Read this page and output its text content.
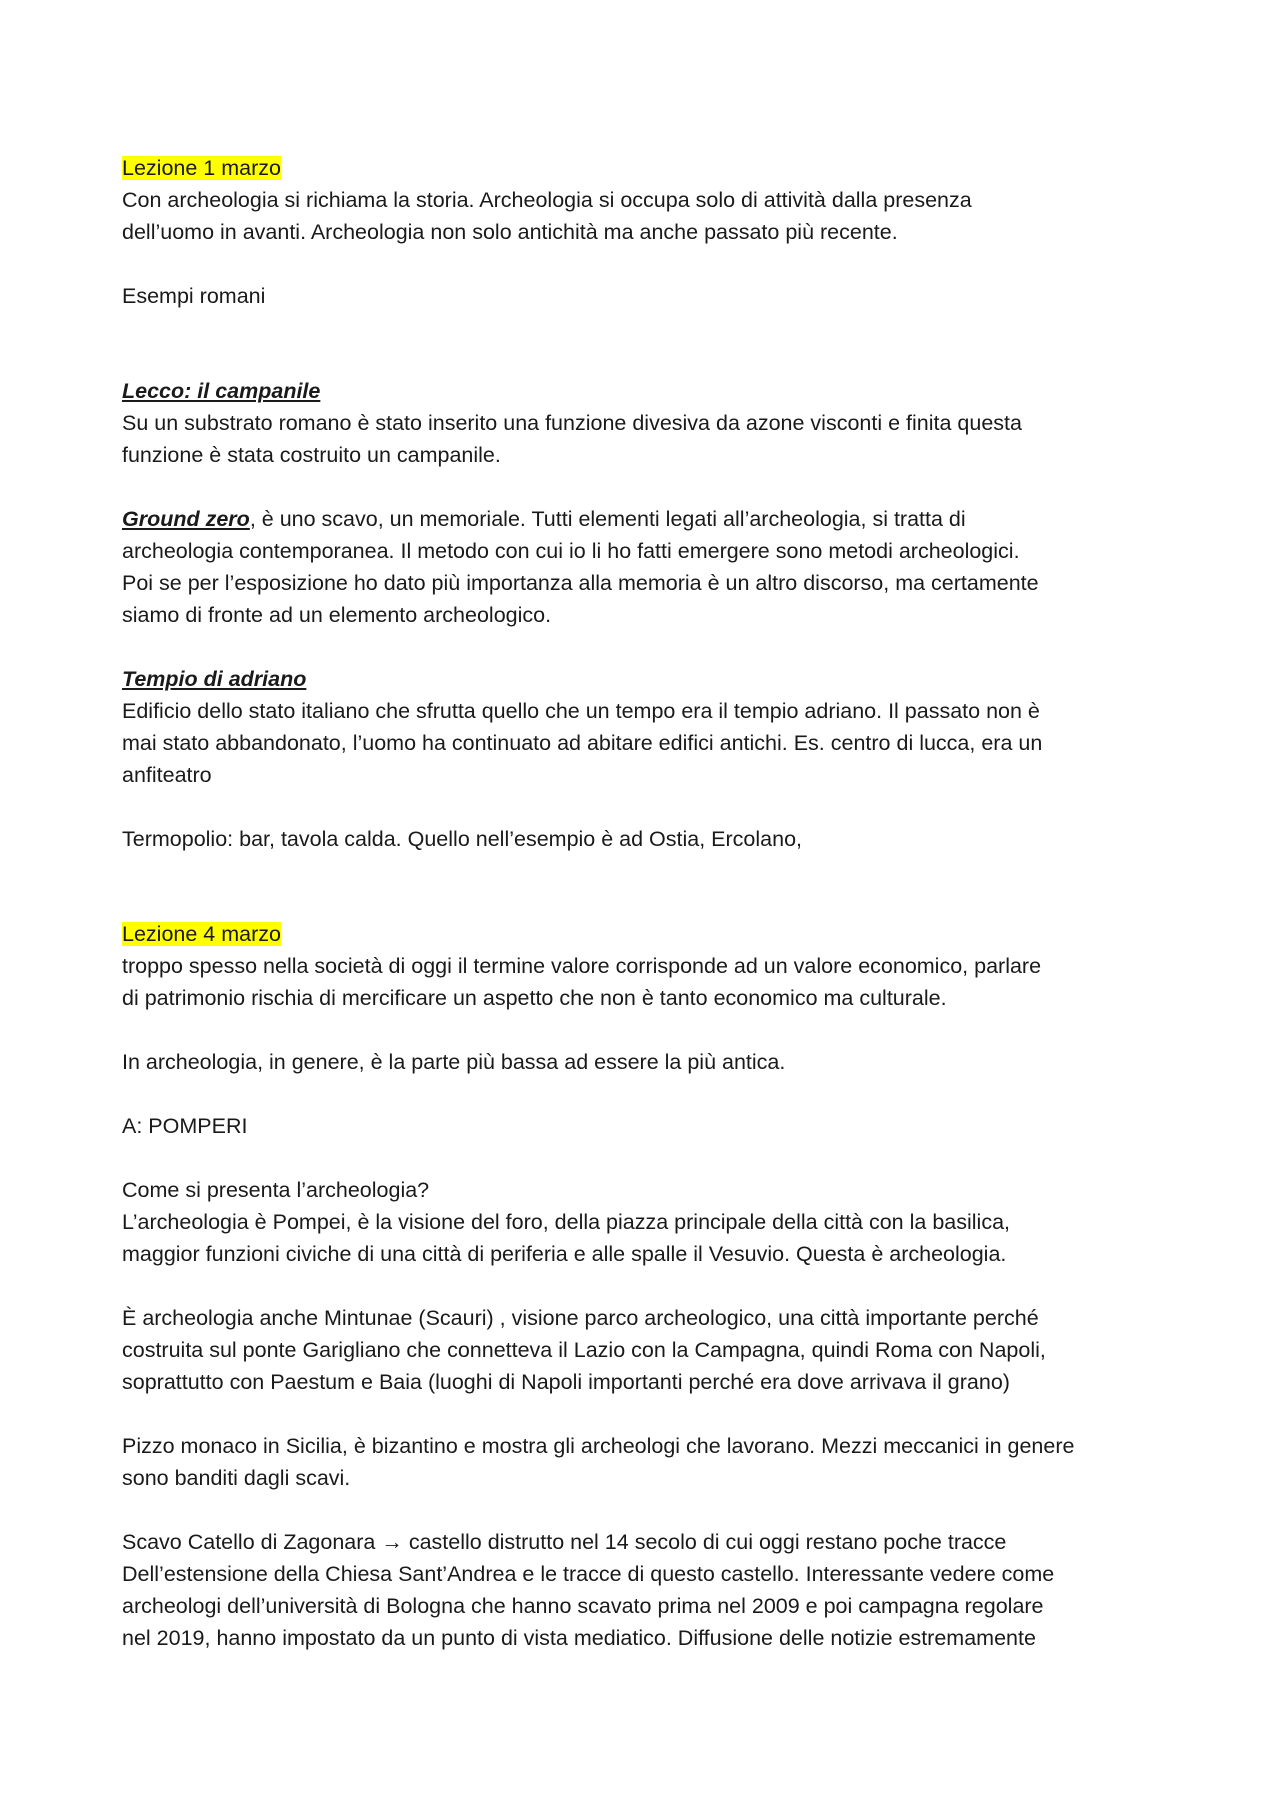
Lezione 1 marzo
Con archeologia si richiama la storia. Archeologia si occupa solo di attività dalla presenza
dell’uomo in avanti. Archeologia non solo antichità ma anche passato più recente.
Esempi romani
Lecco: il campanile
Su un substrato romano è stato inserito una funzione divesiva da azone visconti e finita questa
funzione è stata costruito un campanile.
Ground zero, è uno scavo, un memoriale. Tutti elementi legati all’archeologia, si tratta di
archeologia contemporanea. Il metodo con cui io li ho fatti emergere sono metodi archeologici.
Poi se per l’esposizione ho dato più importanza alla memoria è un altro discorso, ma certamente
siamo di fronte ad un elemento archeologico.
Tempio di adriano
Edificio dello stato italiano che sfrutta quello che un tempo era il tempio adriano. Il passato non è
mai stato abbandonato, l’uomo ha continuato ad abitare edifici antichi. Es. centro di lucca, era un
anfiteatro
Termopolio: bar, tavola calda. Quello nell’esempio è ad Ostia, Ercolano,
Lezione 4 marzo
troppo spesso nella società di oggi il termine valore corrisponde ad un valore economico, parlare
di patrimonio rischia di mercificare un aspetto che non è tanto economico ma culturale.
In archeologia, in genere, è la parte più bassa ad essere la più antica.
A: POMPERI
Come si presenta l’archeologia?
L’archeologia è Pompei, è la visione del foro, della piazza principale della città con la basilica,
maggior funzioni civiche di una città di periferia e alle spalle il Vesuvio. Questa è archeologia.
È archeologia anche Mintunae (Scauri) , visione parco archeologico, una città importante perché
costruita sul ponte Garigliano che connetteva il Lazio con la Campagna, quindi Roma con Napoli,
soprattutto con Paestum e Baia (luoghi di Napoli importanti perché era dove arrivava il grano)
Pizzo monaco in Sicilia, è bizantino e mostra gli archeologi che lavorano. Mezzi meccanici in genere
sono banditi dagli scavi.
Scavo Catello di Zagonara → castello distrutto nel 14 secolo di cui oggi restano poche tracce
Dell’estensione della Chiesa Sant’Andrea e le tracce di questo castello. Interessante vedere come
archeologi dell’università di Bologna che hanno scavato prima nel 2009 e poi campagna regolare
nel 2019, hanno impostato da un punto di vista mediatico. Diffusione delle notizie estremamente
